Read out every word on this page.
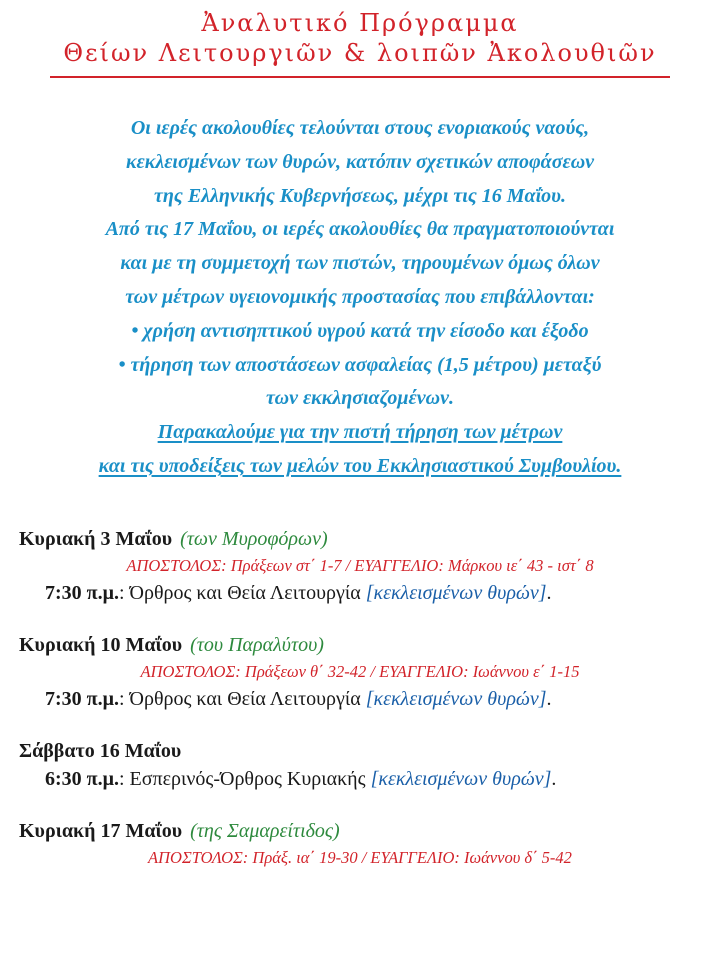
Ἀναλυτικό Πρόγραμμα
Θείων Λειτουργιῶν & λοιπῶν Ἀκολουθιῶν
Οι ιερές ακολουθίες τελούνται στους ενοριακούς ναούς,
κεκλεισμένων των θυρών, κατόπιν σχετικών αποφάσεων
της Ελληνικής Κυβερνήσεως, μέχρι τις 16 Μαΐου.
Από τις 17 Μαΐου, οι ιερές ακολουθίες θα πραγματοποιούνται
και με τη συμμετοχή των πιστών, τηρουμένων όμως όλων
των μέτρων υγειονομικής προστασίας που επιβάλλονται:
• χρήση αντισηπτικού υγρού κατά την είσοδο και έξοδο
• τήρηση των αποστάσεων ασφαλείας (1,5 μέτρου) μεταξύ
των εκκλησιαζομένων.
Παρακαλούμε για την πιστή τήρηση των μέτρων
και τις υποδείξεις των μελών του Εκκλησιαστικού Συμβουλίου.
Κυριακή 3 Μαΐου (των Μυροφόρων)
ΑΠΟΣΤΟΛΟΣ: Πράξεων στ΄ 1-7 / ΕΥΑΓΓΕΛΙΟ: Μάρκου ιε΄ 43 - ιστ΄ 8
7:30 π.μ.: Όρθρος και Θεία Λειτουργία [κεκλεισμένων θυρών].
Κυριακή 10 Μαΐου (του Παραλύτου)
ΑΠΟΣΤΟΛΟΣ: Πράξεων θ΄ 32-42 / ΕΥΑΓΓΕΛΙΟ: Ιωάννου ε΄ 1-15
7:30 π.μ.: Όρθρος και Θεία Λειτουργία [κεκλεισμένων θυρών].
Σάββατο 16 Μαΐου
6:30 π.μ.: Εσπερινός-Όρθρος Κυριακής [κεκλεισμένων θυρών].
Κυριακή 17 Μαΐου (της Σαμαρείτιδος)
ΑΠΟΣΤΟΛΟΣ: Πράξ. ια΄ 19-30 / ΕΥΑΓΓΕΛΙΟ: Ιωάννου δ΄ 5-42
